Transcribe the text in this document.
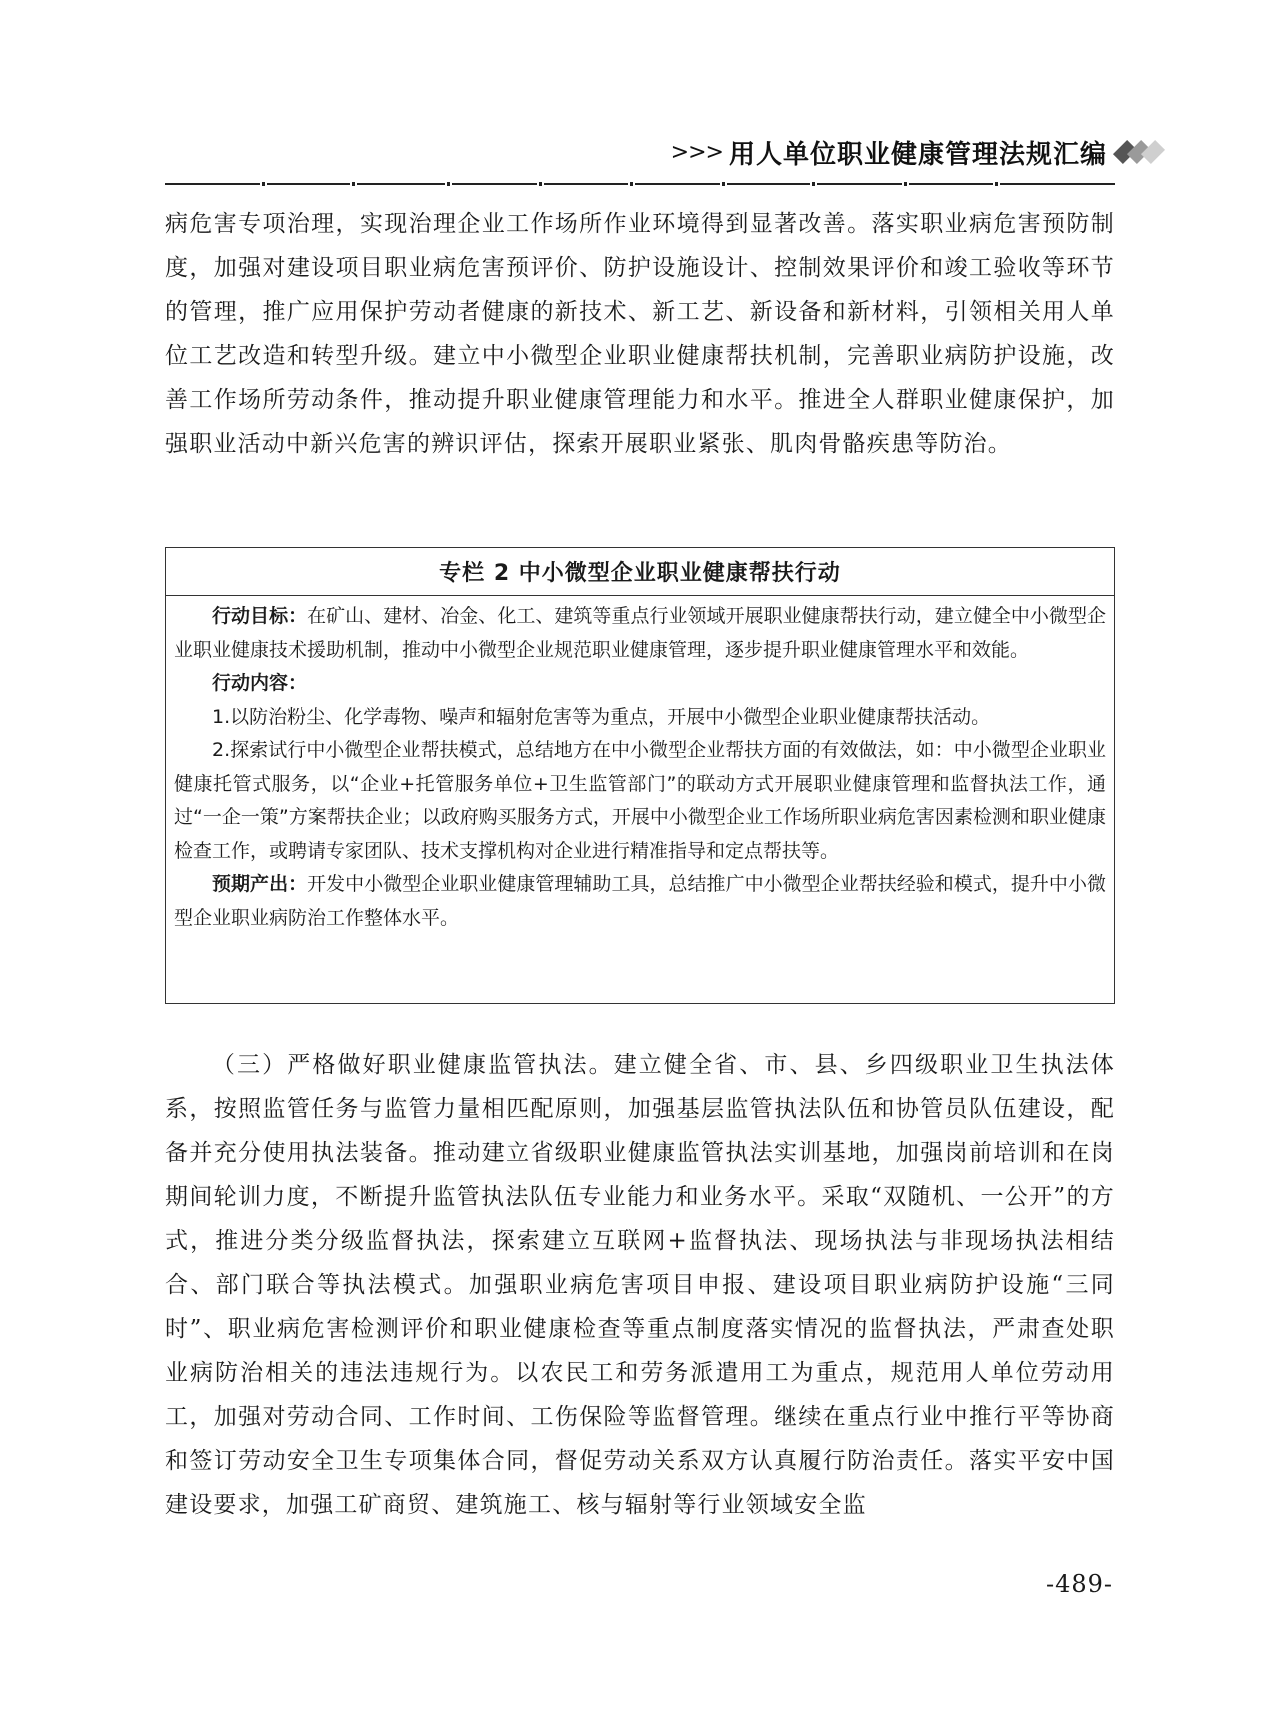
>>> 用人单位职业健康管理法规汇编

病危害专项治理，实现治理企业工作场所作业环境得到显著改善。落实职业病危害预防制度，加强对建设项目职业病危害预评价、防护设施设计、控制效果评价和竣工验收等环节的管理，推广应用保护劳动者健康的新技术、新工艺、新设备和新材料，引领相关用人单位工艺改造和转型升级。建立中小微型企业职业健康帮扶机制，完善职业病防护设施，改善工作场所劳动条件，推动提升职业健康管理能力和水平。推进全人群职业健康保护，加强职业活动中新兴危害的辨识评估，探索开展职业紧张、肌肉骨骼疾患等防治。

专栏 2 中小微型企业职业健康帮扶行动

行动目标：在矿山、建材、冶金、化工、建筑等重点行业领域开展职业健康帮扶行动，建立健全中小微型企业职业健康技术援助机制，推动中小微型企业规范职业健康管理，逐步提升职业健康管理水平和效能。

行动内容：

1.以防治粉尘、化学毒物、噪声和辐射危害等为重点，开展中小微型企业职业健康帮扶活动。

2.探索试行中小微型企业帮扶模式，总结地方在中小微型企业帮扶方面的有效做法，如：中小微型企业职业健康托管式服务，以“企业+托管服务单位+卫生监管部门”的联动方式开展职业健康管理和监督执法工作，通过“一企一策”方案帮扶企业；以政府购买服务方式，开展中小微型企业工作场所职业病危害因素检测和职业健康检查工作，或聘请专家团队、技术支撑机构对企业进行精准指导和定点帮扶等。

预期产出：开发中小微型企业职业健康管理辅助工具，总结推广中小微型企业帮扶经验和模式，提升中小微型企业职业病防治工作整体水平。

（三）严格做好职业健康监管执法。建立健全省、市、县、乡四级职业卫生执法体系，按照监管任务与监管力量相匹配原则，加强基层监管执法队伍和协管员队伍建设，配备并充分使用执法装备。推动建立省级职业健康监管执法实训基地，加强岗前培训和在岗期间轮训力度，不断提升监管执法队伍专业能力和业务水平。采取“双随机、一公开”的方式，推进分类分级监督执法，探索建立互联网+监督执法、现场执法与非现场执法相结合、部门联合等执法模式。加强职业病危害项目申报、建设项目职业病防护设施“三同时”、职业病危害检测评价和职业健康检查等重点制度落实情况的监督执法，严肃查处职业病防治相关的违法违规行为。以农民工和劳务派遣用工为重点，规范用人单位劳动用工，加强对劳动合同、工作时间、工伤保险等监督管理。继续在重点行业中推行平等协商和签订劳动安全卫生专项集体合同，督促劳动关系双方认真履行防治责任。落实平安中国建设要求，加强工矿商贸、建筑施工、核与辐射等行业领域安全监

-489-
